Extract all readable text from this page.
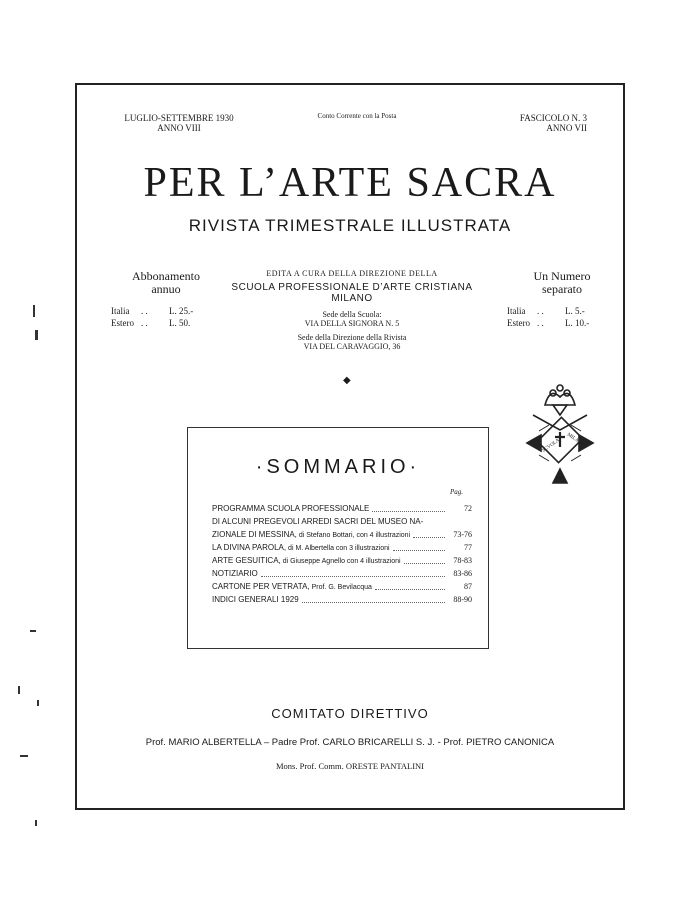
LUGLIO-SETTEMBRE 1930
ANNO VIII
Conto Corrente con la Posta	FASCICOLO N. 3
ANNO VII
PER L’ARTE SACRA
RIVISTA TRIMESTRALE ILLUSTRATA
Abbonamento
annuo
Italia	. .	L. 25.-
Estero . .	L. 50.
Un Numero
separato
Italia	. .	L. 5.-
Estero . .	L. 10.-
EDITA A CURA DELLA DIREZIONE DELLA
SCUOLA PROFESSIONALE D’ARTE CRISTIANA
MILANO
Sede della Scuola:
VIA DELLA SIGNORA N. 5
Sede della Direzione della Rivista
VIA DEL CARAVAGGIO, 36
◆
SCVOLA MILANO
·SOMMARIO·
Pag.
PROGRAMMA SCUOLA PROFESSIONALE	72
DI ALCUNI PREGEVOLI ARREDI SACRI DEL MUSEO NA-
ZIONALE DI MESSINA, di Stefano Bottari, con 4 illustrazioni	73-76
LA DIVINA PAROLA, di M. Albertella con 3 illustrazioni	77
ARTE GESUITICA, di Giuseppe Agnello con 4 illustrazioni	78-83
NOTIZIARIO	83-86
CARTONE PER VETRATA, Prof. G. Bevilacqua	87
INDICI GENERALI 1929	88-90
COMITATO DIRETTIVO
Prof. MARIO ALBERTELLA – Padre Prof. CARLO BRICARELLI S. J. - Prof. PIETRO CANONICA
Mons. Prof. Comm. ORESTE PANTALINI
